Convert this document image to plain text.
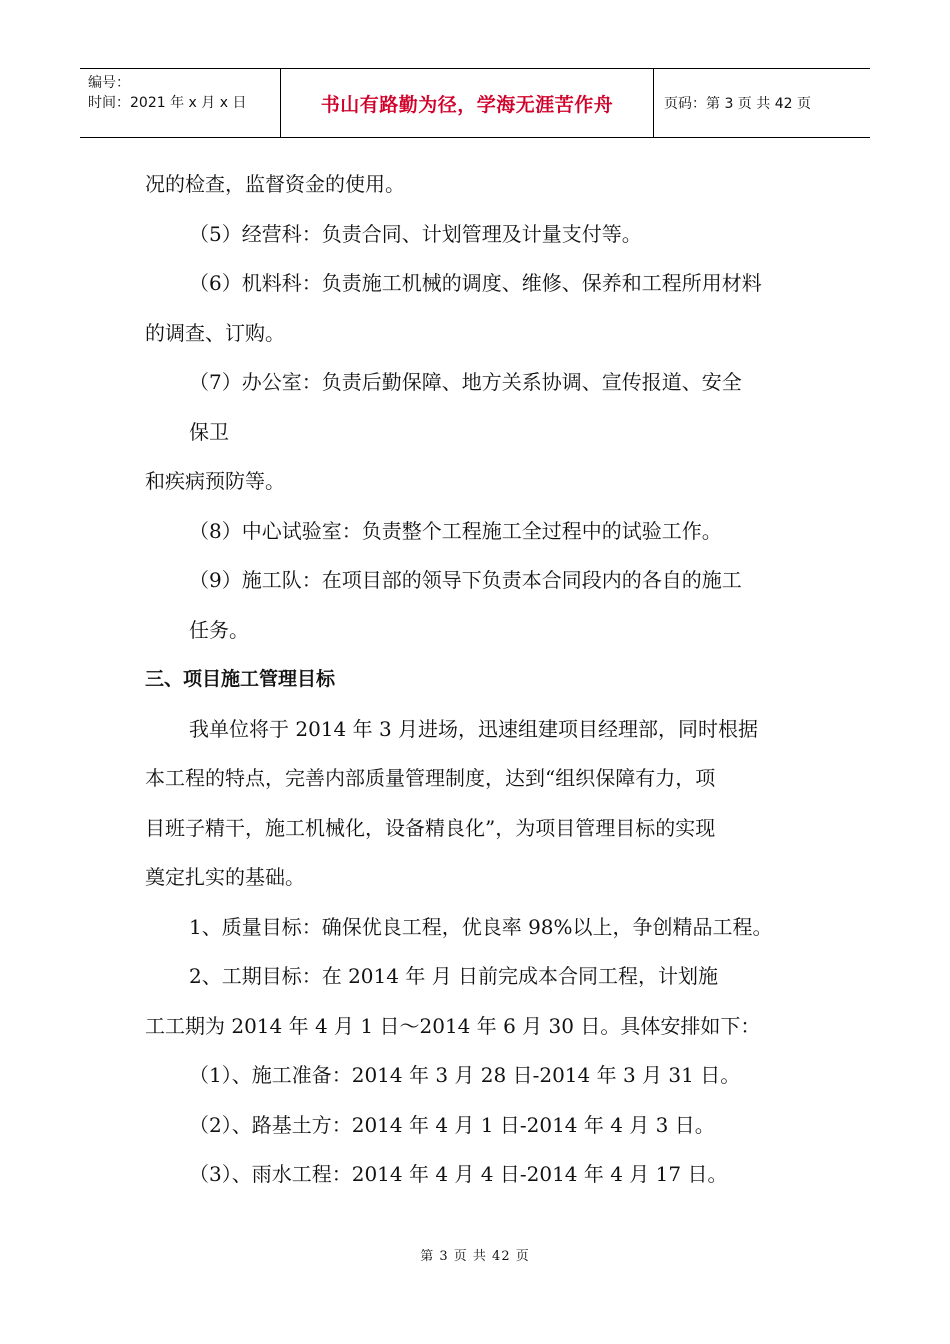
编号：
时间：2021 年 x 月 x 日	书山有路勤为径，学海无涯苦作舟	页码：第 3 页 共 42 页

况的检查，监督资金的使用。

（5）经营科：负责合同、计划管理及计量支付等。

（6）机料科：负责施工机械的调度、维修、保养和工程所用材料

的调查、订购。

（7）办公室：负责后勤保障、地方关系协调、宣传报道、安全

保卫

和疾病预防等。

（8）中心试验室：负责整个工程施工全过程中的试验工作。

（9）施工队：在项目部的领导下负责本合同段内的各自的施工

任务。

三、项目施工管理目标

我单位将于 2014 年 3 月进场，迅速组建项目经理部，同时根据

本工程的特点，完善内部质量管理制度，达到“组织保障有力，项

目班子精干，施工机械化，设备精良化”，为项目管理目标的实现

奠定扎实的基础。

1、质量目标：确保优良工程，优良率 98%以上，争创精品工程。

2、工期目标：在 2014 年 月 日前完成本合同工程，计划施

工工期为 2014 年 4 月 1 日～2014 年 6 月 30 日。具体安排如下：

（1）、施工准备：2014 年 3 月 28 日-2014 年 3 月 31 日。

（2）、路基土方：2014 年 4 月 1 日-2014 年 4 月 3 日。

（3）、雨水工程：2014 年 4 月 4 日-2014 年 4 月 17 日。

第 3 页 共 42 页
